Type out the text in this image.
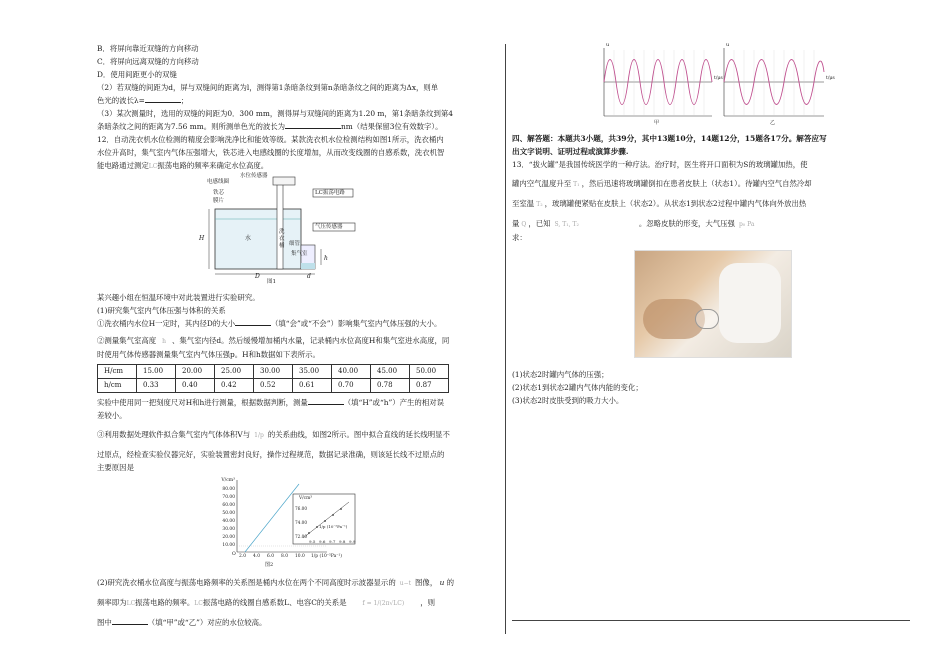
B．将屏向靠近双缝的方向移动

C．将屏向远离双缝的方向移动

D．使用间距更小的双缝

（2）若双缝的间距为d，屏与双缝间的距离为l，测得第1条暗条纹到第n条暗条纹之间的距离为Δx，则单

色光的波长λ=	；

（3）某次测量时，选用的双缝的间距为0．300 mm，测得屏与双缝间的距离为1.20 m，第1条暗条纹到第4

条暗条纹之间的距离为7.56 mm。则所测单色光的波长为	nm（结果保留3位有效数字）。

12．自动洗衣机水位检测的精度会影响洗净比和能效等级。某款洗衣机水位检测结构如图1所示，洗衣桶内

水位升高时，集气室内气体压强增大，铁芯进入电感线圈的长度增加，从而改变线圈的自感系数，洗衣机智

能电路通过测定LC振荡电路的频率来确定水位高度。

水位传感器
电感线圈
铁芯
膜片
LC振荡电路
气压传感器
水
细管
洗衣桶
集气室
H
D	d
h
图1

某兴趣小组在恒温环境中对此装置进行实验研究。

(1)研究集气室内气体压强与体积的关系

①洗衣桶内水位H一定时，其内径D的大小	（填“会”或“不会”）影响集气室内气体压强的大小。

②测量集气室高度 h 、集气室内径d。然后缓慢增加桶内水量，记录桶内水位高度H和集气室进水高度，同

时使用气体传感器测量集气室内气体压强p。H和h数据如下表所示。

H/cm	15.00	20.00	25.00	30.00	35.00	40.00	45.00	50.00
h/cm	0.33	0.40	0.42	0.52	0.61	0.70	0.78	0.87

实验中使用同一把刻度尺对H和h进行测量，根据数据判断，测量	（填“H”或“h”）产生的相对误

差较小。

③利用数据处理软件拟合集气室内气体体积V与 1/p 的关系曲线，如图2所示。图中拟合直线的延长线明显不

过原点，经检查实验仪器完好，实验装置密封良好，操作过程规范，数据记录准确，则该延长线不过原点的

主要原因是

V/cm³
80.00
70.00
60.00
50.00
40.00
30.00
20.00
10.00
O 2.0 4.0 6.0 8.0 10.0 1/p (10⁻⁵Pa⁻¹)
V/cm³
76.00
74.00
72.00
9.5 9.6 9.7 9.8 9.9
1/p (10⁻⁵Pa⁻¹)
图2

(2)研究洗衣桶水位高度与振荡电路频率的关系图是桶内水位在两个不同高度时示波器显示的 u−t 图像， u 的

频率即为LC振荡电路的频率。LC振荡电路的线圈自感系数L、电容C的关系是	f = 1/(2π√LC) ，则

图中	（填“甲”或“乙”）对应的水位较高。

u
t/μs
u
t/μs
甲	乙

四、解答题：本题共3小题，共39分，其中13题10分，14题12分，15题各17分。解答应写

出文字说明、证明过程或演算步骤.

13．“拔火罐”是我国传统医学的一种疗法。治疗时，医生将开口面积为S的玻璃罐加热，使

罐内空气温度升至 T₁ ，然后迅速将玻璃罐倒扣在患者皮肤上（状态1）。待罐内空气自然冷却

至室温 T₂ ，玻璃罐便紧贴在皮肤上（状态2）。从状态1到状态2过程中罐内气体向外放出热

量 Q ，已知 S, T₁, T₂	。忽略皮肤的形变，大气压强 p₀ Pa

求：

(1)状态2时罐内气体的压强；

(2)状态1到状态2罐内气体内能的变化；

(3)状态2时皮肤受到的吸力大小。
